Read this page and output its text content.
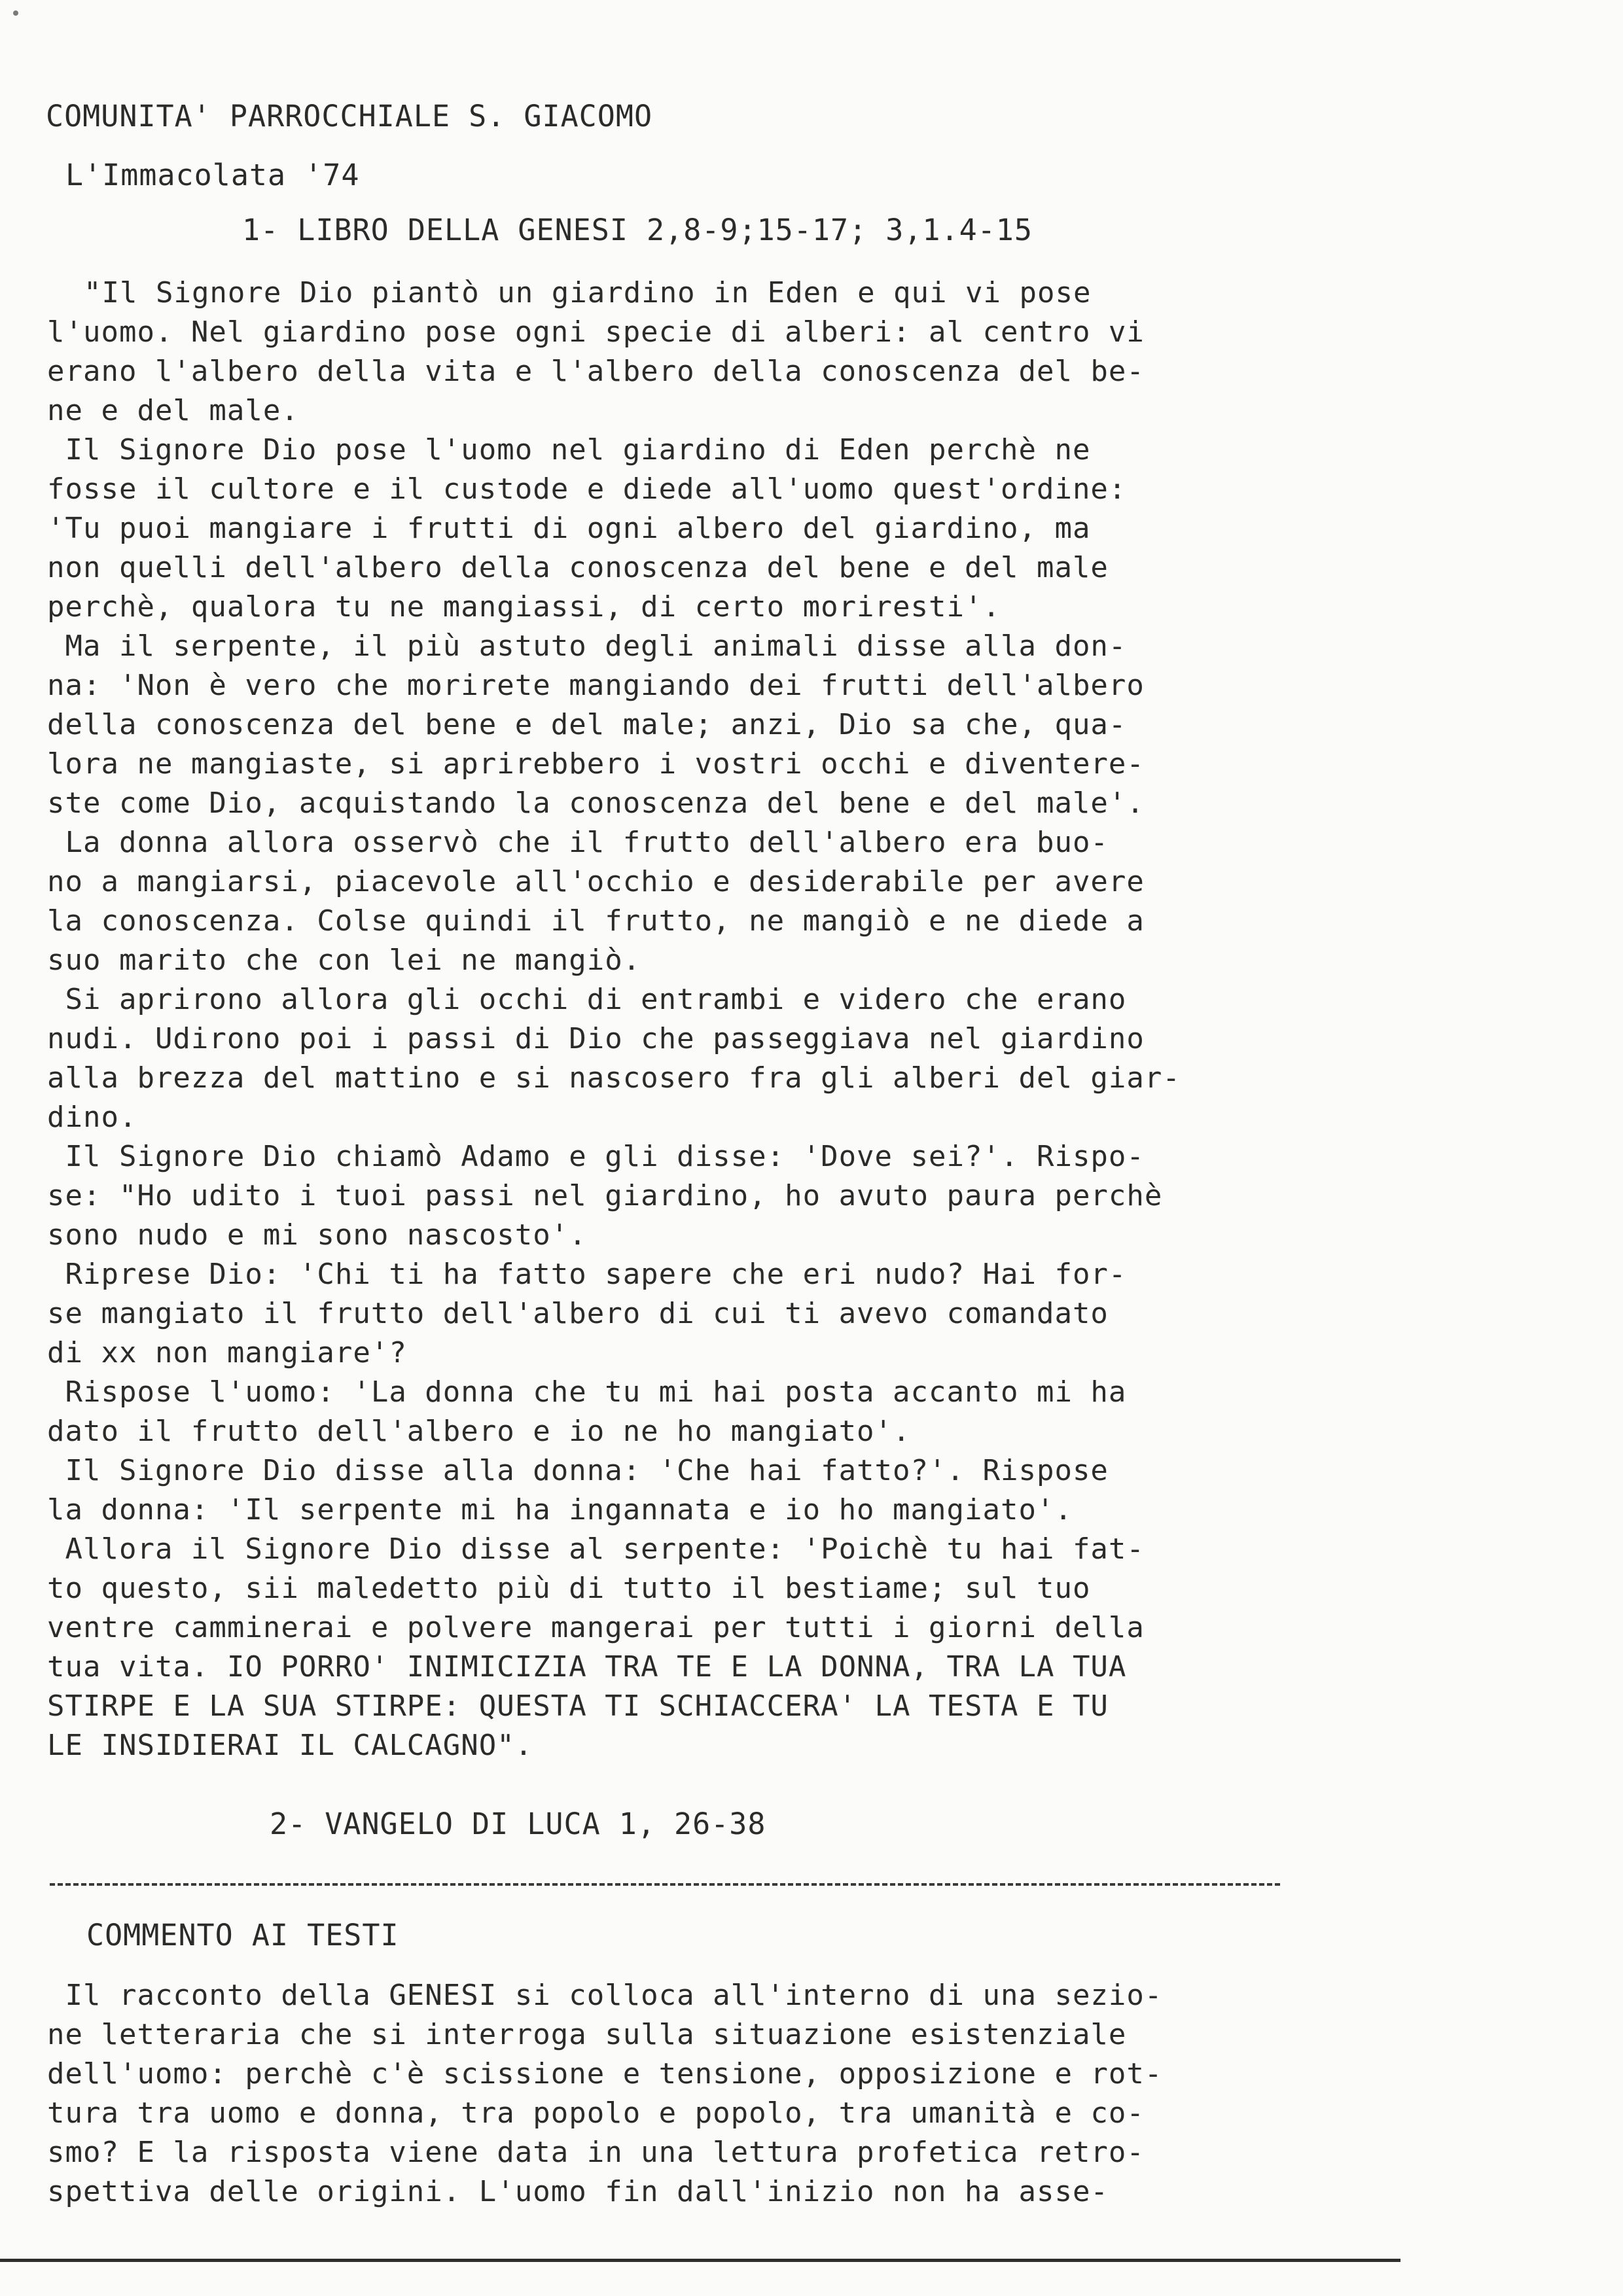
COMUNITA' PARROCCHIALE S. GIACOMO
L'Immacolata '74
1- LIBRO DELLA GENESI 2,8-9;15-17; 3,1.4-15
"Il Signore Dio piantò un giardino in Eden e qui vi pose
l'uomo. Nel giardino pose ogni specie di alberi: al centro vi
erano l'albero della vita e l'albero della conoscenza del be-
ne e del male.
Il Signore Dio pose l'uomo nel giardino di Eden perchè ne
fosse il cultore e il custode e diede all'uomo quest'ordine:
'Tu puoi mangiare i frutti di ogni albero del giardino, ma
non quelli dell'albero della conoscenza del bene e del male
perchè, qualora tu ne mangiassi, di certo moriresti'.
Ma il serpente, il più astuto degli animali disse alla don-
na: 'Non è vero che morirete mangiando dei frutti dell'albero
della conoscenza del bene e del male; anzi, Dio sa che, qua-
lora ne mangiaste, si aprirebbero i vostri occhi e diventere-
ste come Dio, acquistando la conoscenza del bene e del male'.
La donna allora osservò che il frutto dell'albero era buo-
no a mangiarsi, piacevole all'occhio e desiderabile per avere
la conoscenza. Colse quindi il frutto, ne mangiò e ne diede a
suo marito che con lei ne mangiò.
Si aprirono allora gli occhi di entrambi e videro che erano
nudi. Udirono poi i passi di Dio che passeggiava nel giardino
alla brezza del mattino e si nascosero fra gli alberi del giar-
dino.
Il Signore Dio chiamò Adamo e gli disse: 'Dove sei?'. Rispo-
se: "Ho udito i tuoi passi nel giardino, ho avuto paura perchè
sono nudo e mi sono nascosto'.
Riprese Dio: 'Chi ti ha fatto sapere che eri nudo? Hai for-
se mangiato il frutto dell'albero di cui ti avevo comandato
di xx non mangiare'?
Rispose l'uomo: 'La donna che tu mi hai posta accanto mi ha
dato il frutto dell'albero e io ne ho mangiato'.
Il Signore Dio disse alla donna: 'Che hai fatto?'. Rispose
la donna: 'Il serpente mi ha ingannata e io ho mangiato'.
Allora il Signore Dio disse al serpente: 'Poichè tu hai fat-
to questo, sii maledetto più di tutto il bestiame; sul tuo
ventre camminerai e polvere mangerai per tutti i giorni della
tua vita. IO PORRO' INIMICIZIA TRA TE E LA DONNA, TRA LA TUA
STIRPE E LA SUA STIRPE: QUESTA TI SCHIACCERA' LA TESTA E TU
LE INSIDIERAI IL CALCAGNO".
2- VANGELO DI LUCA 1, 26-38
COMMENTO AI TESTI
Il racconto della GENESI si colloca all'interno di una sezio-
ne letteraria che si interroga sulla situazione esistenziale
dell'uomo: perchè c'è scissione e tensione, opposizione e rot-
tura tra uomo e donna, tra popolo e popolo, tra umanità e co-
smo? E la risposta viene data in una lettura profetica retro-
spettiva delle origini. L'uomo fin dall'inizio non ha asse-
